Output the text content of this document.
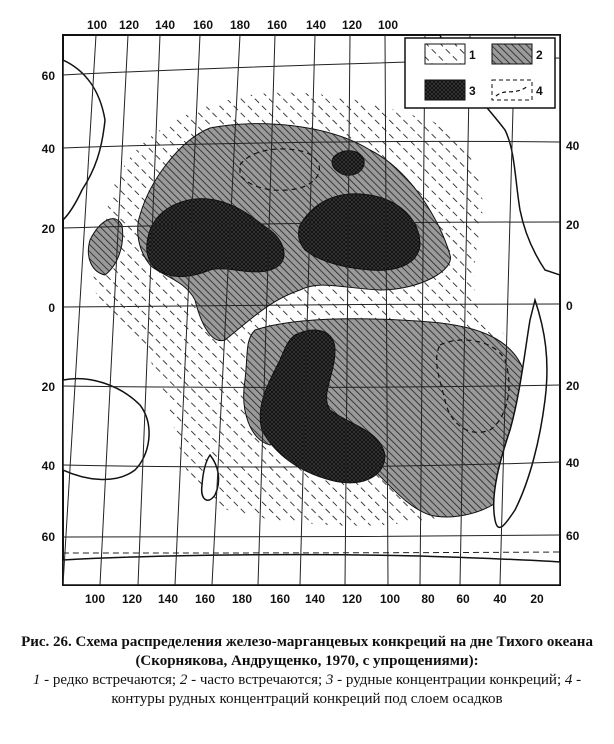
100 120 140 160 180 160 140 120 100
100 120 140 160 180 160 140 120 100 80 60 40 20
60
40
20
0
20
40
60
40
20
0
20
40
60
1	2
3	4
Рис. 26. Схема распределения железо-марганцевых конкреций на дне Тихого океана (Скорнякова, Андрущенко, 1970, с упрощениями):
1 - редко встречаются; 2 - часто встречаются; 3 - рудные концентрации конкреций; 4 - контуры рудных концентраций конкреций под слоем осадков
